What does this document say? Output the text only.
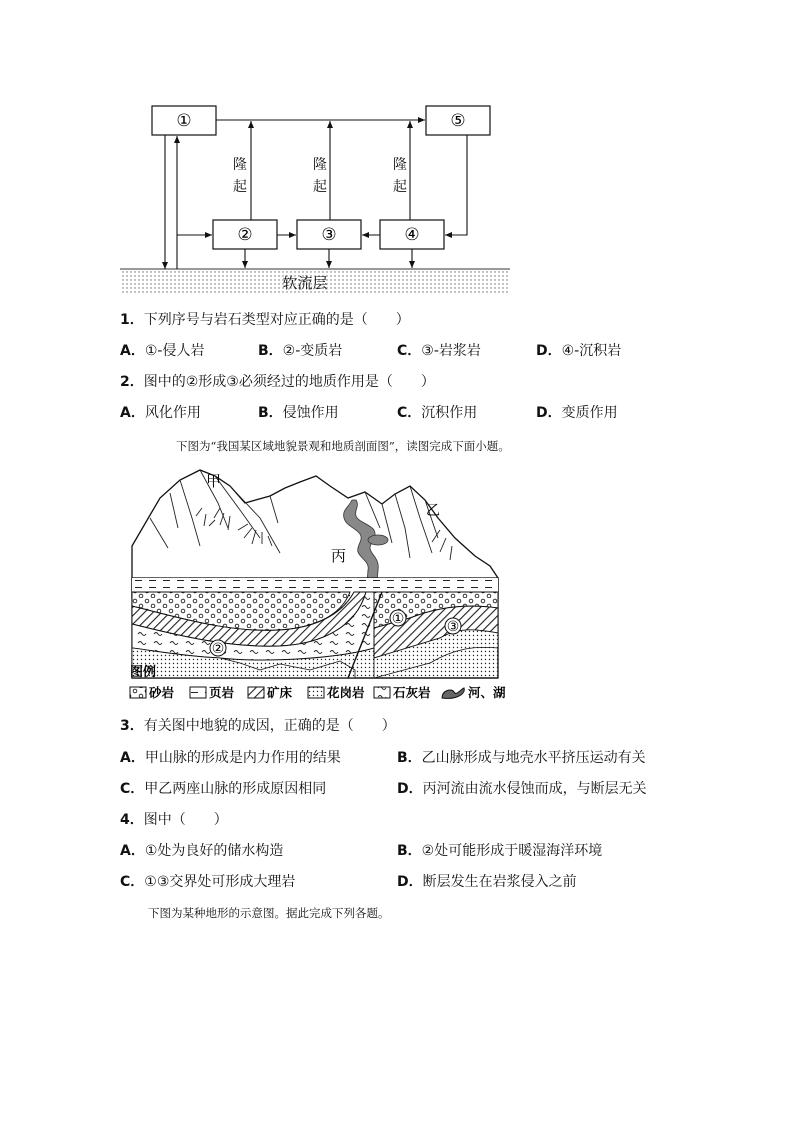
软流层
①	⑤
②	③	④
隆起
隆起
隆起
1．下列序号与岩石类型对应正确的是（　　）
A．①-侵人岩	B．②-变质岩	C．③-岩浆岩	D．④-沉积岩
2．图中的②形成③必须经过的地质作用是（　　）
A．风化作用	B．侵蚀作用	C．沉积作用	D．变质作用
下图为“我国某区域地貌景观和地质剖面图”，读图完成下面小题。
甲
乙
丙
①
②
③
图例
砂岩	页岩	矿床	花岗岩 石灰岩	河、湖
3．有关图中地貌的成因，正确的是（　　）
A．甲山脉的形成是内力作用的结果	B．乙山脉形成与地壳水平挤压运动有关
C．甲乙两座山脉的形成原因相同	D．丙河流由流水侵蚀而成，与断层无关
4．图中（　　）
A．①处为良好的储水构造	B．②处可能形成于暖湿海洋环境
C．①③交界处可形成大理岩	D．断层发生在岩浆侵入之前
下图为某种地形的示意图。据此完成下列各题。
